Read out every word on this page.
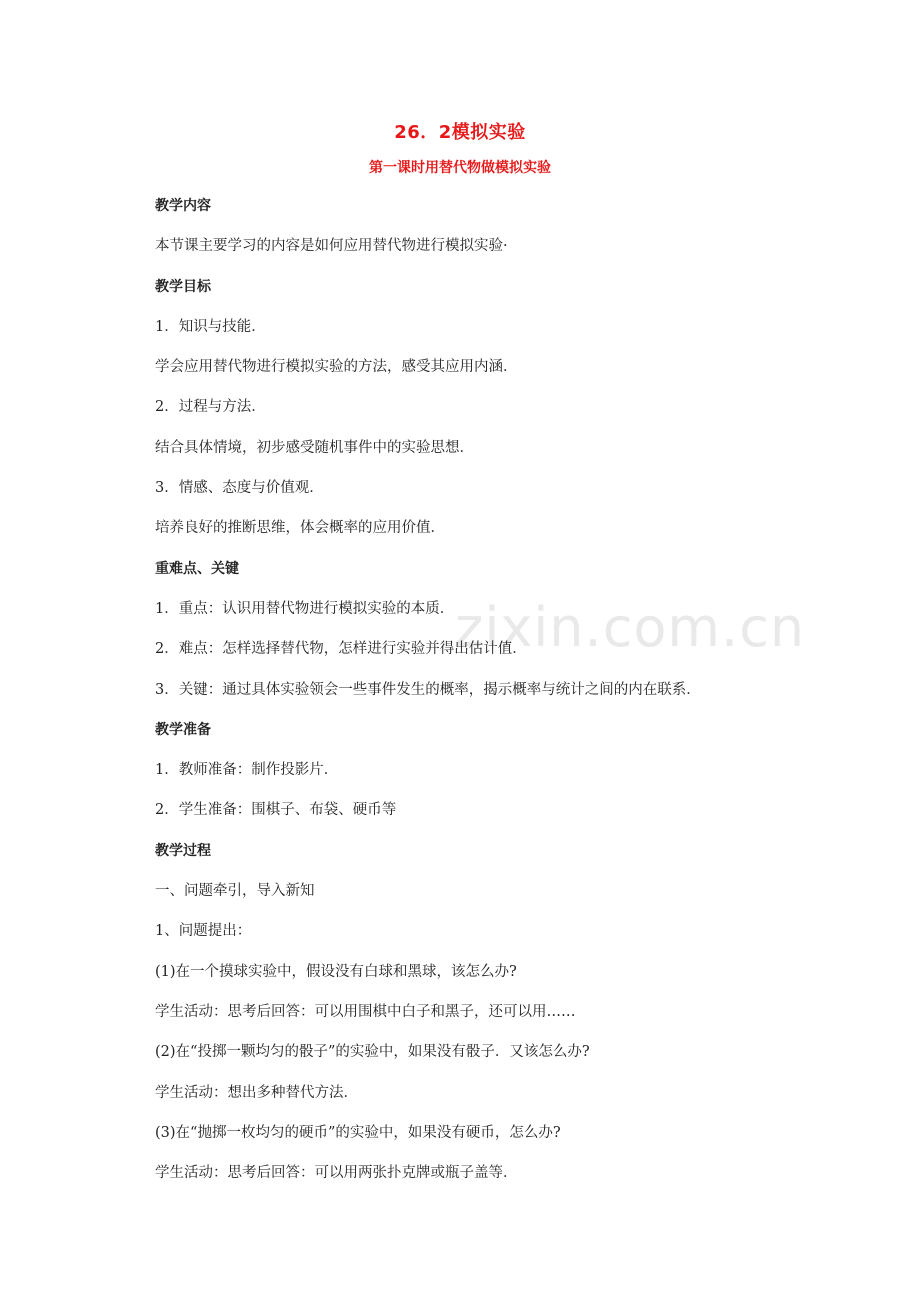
zixin.com.cn
26．2模拟实验
第一课时用替代物做模拟实验
教学内容
本节课主要学习的内容是如何应用替代物进行模拟实验·
教学目标
1．知识与技能．
学会应用替代物进行模拟实验的方法，感受其应用内涵．
2．过程与方法．
结合具体情境，初步感受随机事件中的实验思想．
3．情感、态度与价值观．
培养良好的推断思维，体会概率的应用价值．
重难点、关键
1．重点：认识用替代物进行模拟实验的本质．
2．难点：怎样选择替代物，怎样进行实验并得出估计值．
3．关键：通过具体实验领会一些事件发生的概率，揭示概率与统计之间的内在联系．
教学准备
1．教师准备：制作投影片．
2．学生准备：围棋子、布袋、硬币等
教学过程
一、问题牵引，导入新知
1、问题提出：
(1)在一个摸球实验中，假设没有白球和黑球，该怎么办?
学生活动：思考后回答：可以用围棋中白子和黑子，还可以用……
(2)在“投掷一颗均匀的骰子”的实验中，如果没有骰子．又该怎么办?
学生活动：想出多种替代方法．
(3)在“抛掷一枚均匀的硬币”的实验中，如果没有硬币，怎么办?
学生活动：思考后回答：可以用两张扑克牌或瓶子盖等．
